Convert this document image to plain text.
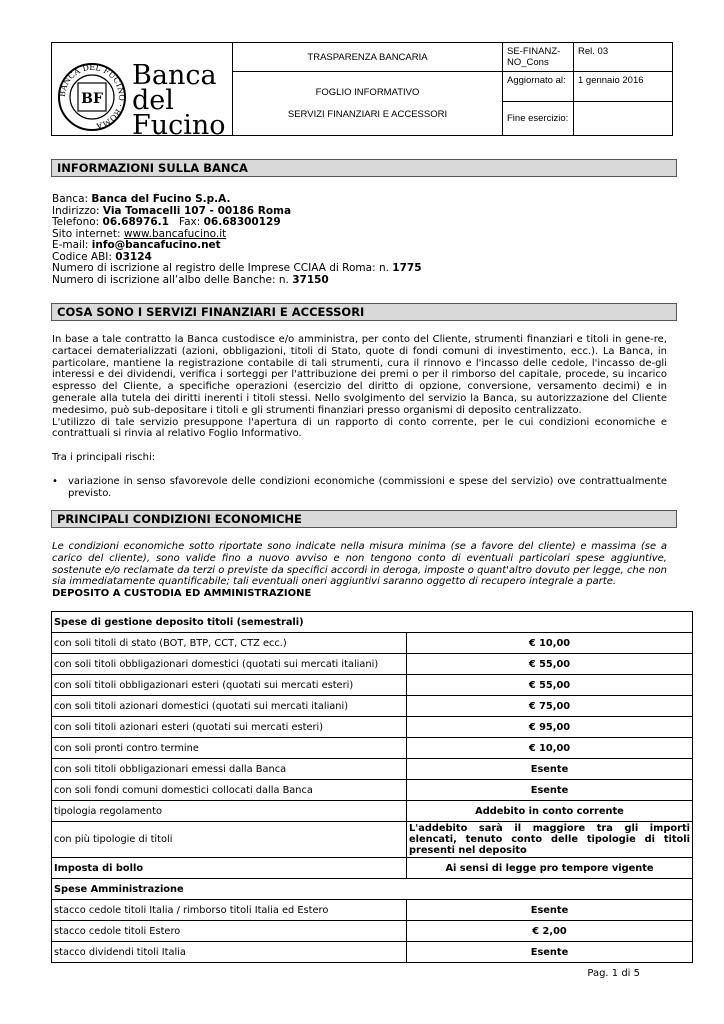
BANCA DEL FUCINO · ROMA
BF
Banca
del Fucino	TRASPARENZA BANCARIA	SE-FINANZ-NO_Cons	Rel. 03

	FOGLIO INFORMATIVO
SERVIZI FINANZIARI E ACCESSORI	Aggiornato al:	1 gennaio 2016
		Fine esercizio:	
INFORMAZIONI SULLA BANCA
Banca: Banca del Fucino S.p.A.
Indirizzo: Via Tomacelli 107 - 00186 Roma
Telefono: 06.68976.1   Fax: 06.68300129
Sito internet: www.bancafucino.it
E-mail: info@bancafucino.net
Codice ABI: 03124
Numero di iscrizione al registro delle Imprese CCIAA di Roma: n. 1775
Numero di iscrizione all’albo delle Banche: n. 37150
COSA SONO I SERVIZI FINANZIARI E ACCESSORI

In base a tale contratto la Banca custodisce e/o amministra, per conto del Cliente, strumenti finanziari e titoli in gene-re, cartacei dematerializzati (azioni, obbligazioni, titoli di Stato, quote di fondi comuni di investimento, ecc.). La Banca, in particolare, mantiene la registrazione contabile di tali strumenti, cura il rinnovo e l'incasso delle cedole, l'incasso de-gli interessi e dei dividendi, verifica i sorteggi per l'attribuzione dei premi o per il rimborso del capitale, procede, su incarico espresso del Cliente, a specifiche operazioni (esercizio del diritto di opzione, conversione, versamento decimi) e in generale alla tutela dei diritti inerenti i titoli stessi. Nello svolgimento del servizio la Banca, su autorizzazione del Cliente medesimo, può sub-depositare i titoli e gli strumenti finanziari presso organismi di deposito centralizzato.

L'utilizzo di tale servizio presuppone l'apertura di un rapporto di conto corrente, per le cui condizioni economiche e contrattuali si rinvia al relativo Foglio Informativo.

Tra i principali rischi:
•	variazione in senso sfavorevole delle condizioni economiche (commissioni e spese del servizio) ove contrattualmente previsto.
PRINCIPALI CONDIZIONI ECONOMICHE
Le condizioni economiche sotto riportate sono indicate nella misura minima (se a favore del cliente) e massima (se a carico del cliente), sono valide fino a nuovo avviso e non tengono conto di eventuali particolari spese aggiuntive, sostenute e/o reclamate da terzi o previste da specifici accordi in deroga, imposte o quant'altro dovuto per legge, che non sia immediatamente quantificabile; tali eventuali oneri aggiuntivi saranno oggetto di recupero integrale a parte.
DEPOSITO A CUSTODIA ED AMMINISTRAZIONE
Spese di gestione deposito titoli (semestrali)	
con soli titoli di stato (BOT, BTP, CCT, CTZ ecc.)	€ 10,00
con soli titoli obbligazionari domestici (quotati sui mercati italiani)	€ 55,00
con soli titoli obbligazionari esteri (quotati sui mercati esteri)	€ 55,00
con soli titoli azionari domestici (quotati sui mercati italiani)	€ 75,00
con soli titoli azionari esteri (quotati sui mercati esteri)	€ 95,00
con soli pronti contro termine	€ 10,00
con soli titoli obbligazionari emessi dalla Banca	Esente
con soli fondi comuni domestici collocati dalla Banca	Esente
tipologia regolamento	Addebito in conto corrente
con più tipologie di titoli	L'addebito sarà il maggiore tra gli importi elencati, tenuto conto delle tipologie di titoli presenti nel deposito
Imposta di bollo	Ai sensi di legge pro tempore vigente
Spese Amministrazione	
stacco cedole titoli Italia / rimborso titoli Italia ed Estero	Esente
stacco cedole titoli Estero	€ 2,00
stacco dividendi titoli Italia	Esente
Pag. 1 di 5
